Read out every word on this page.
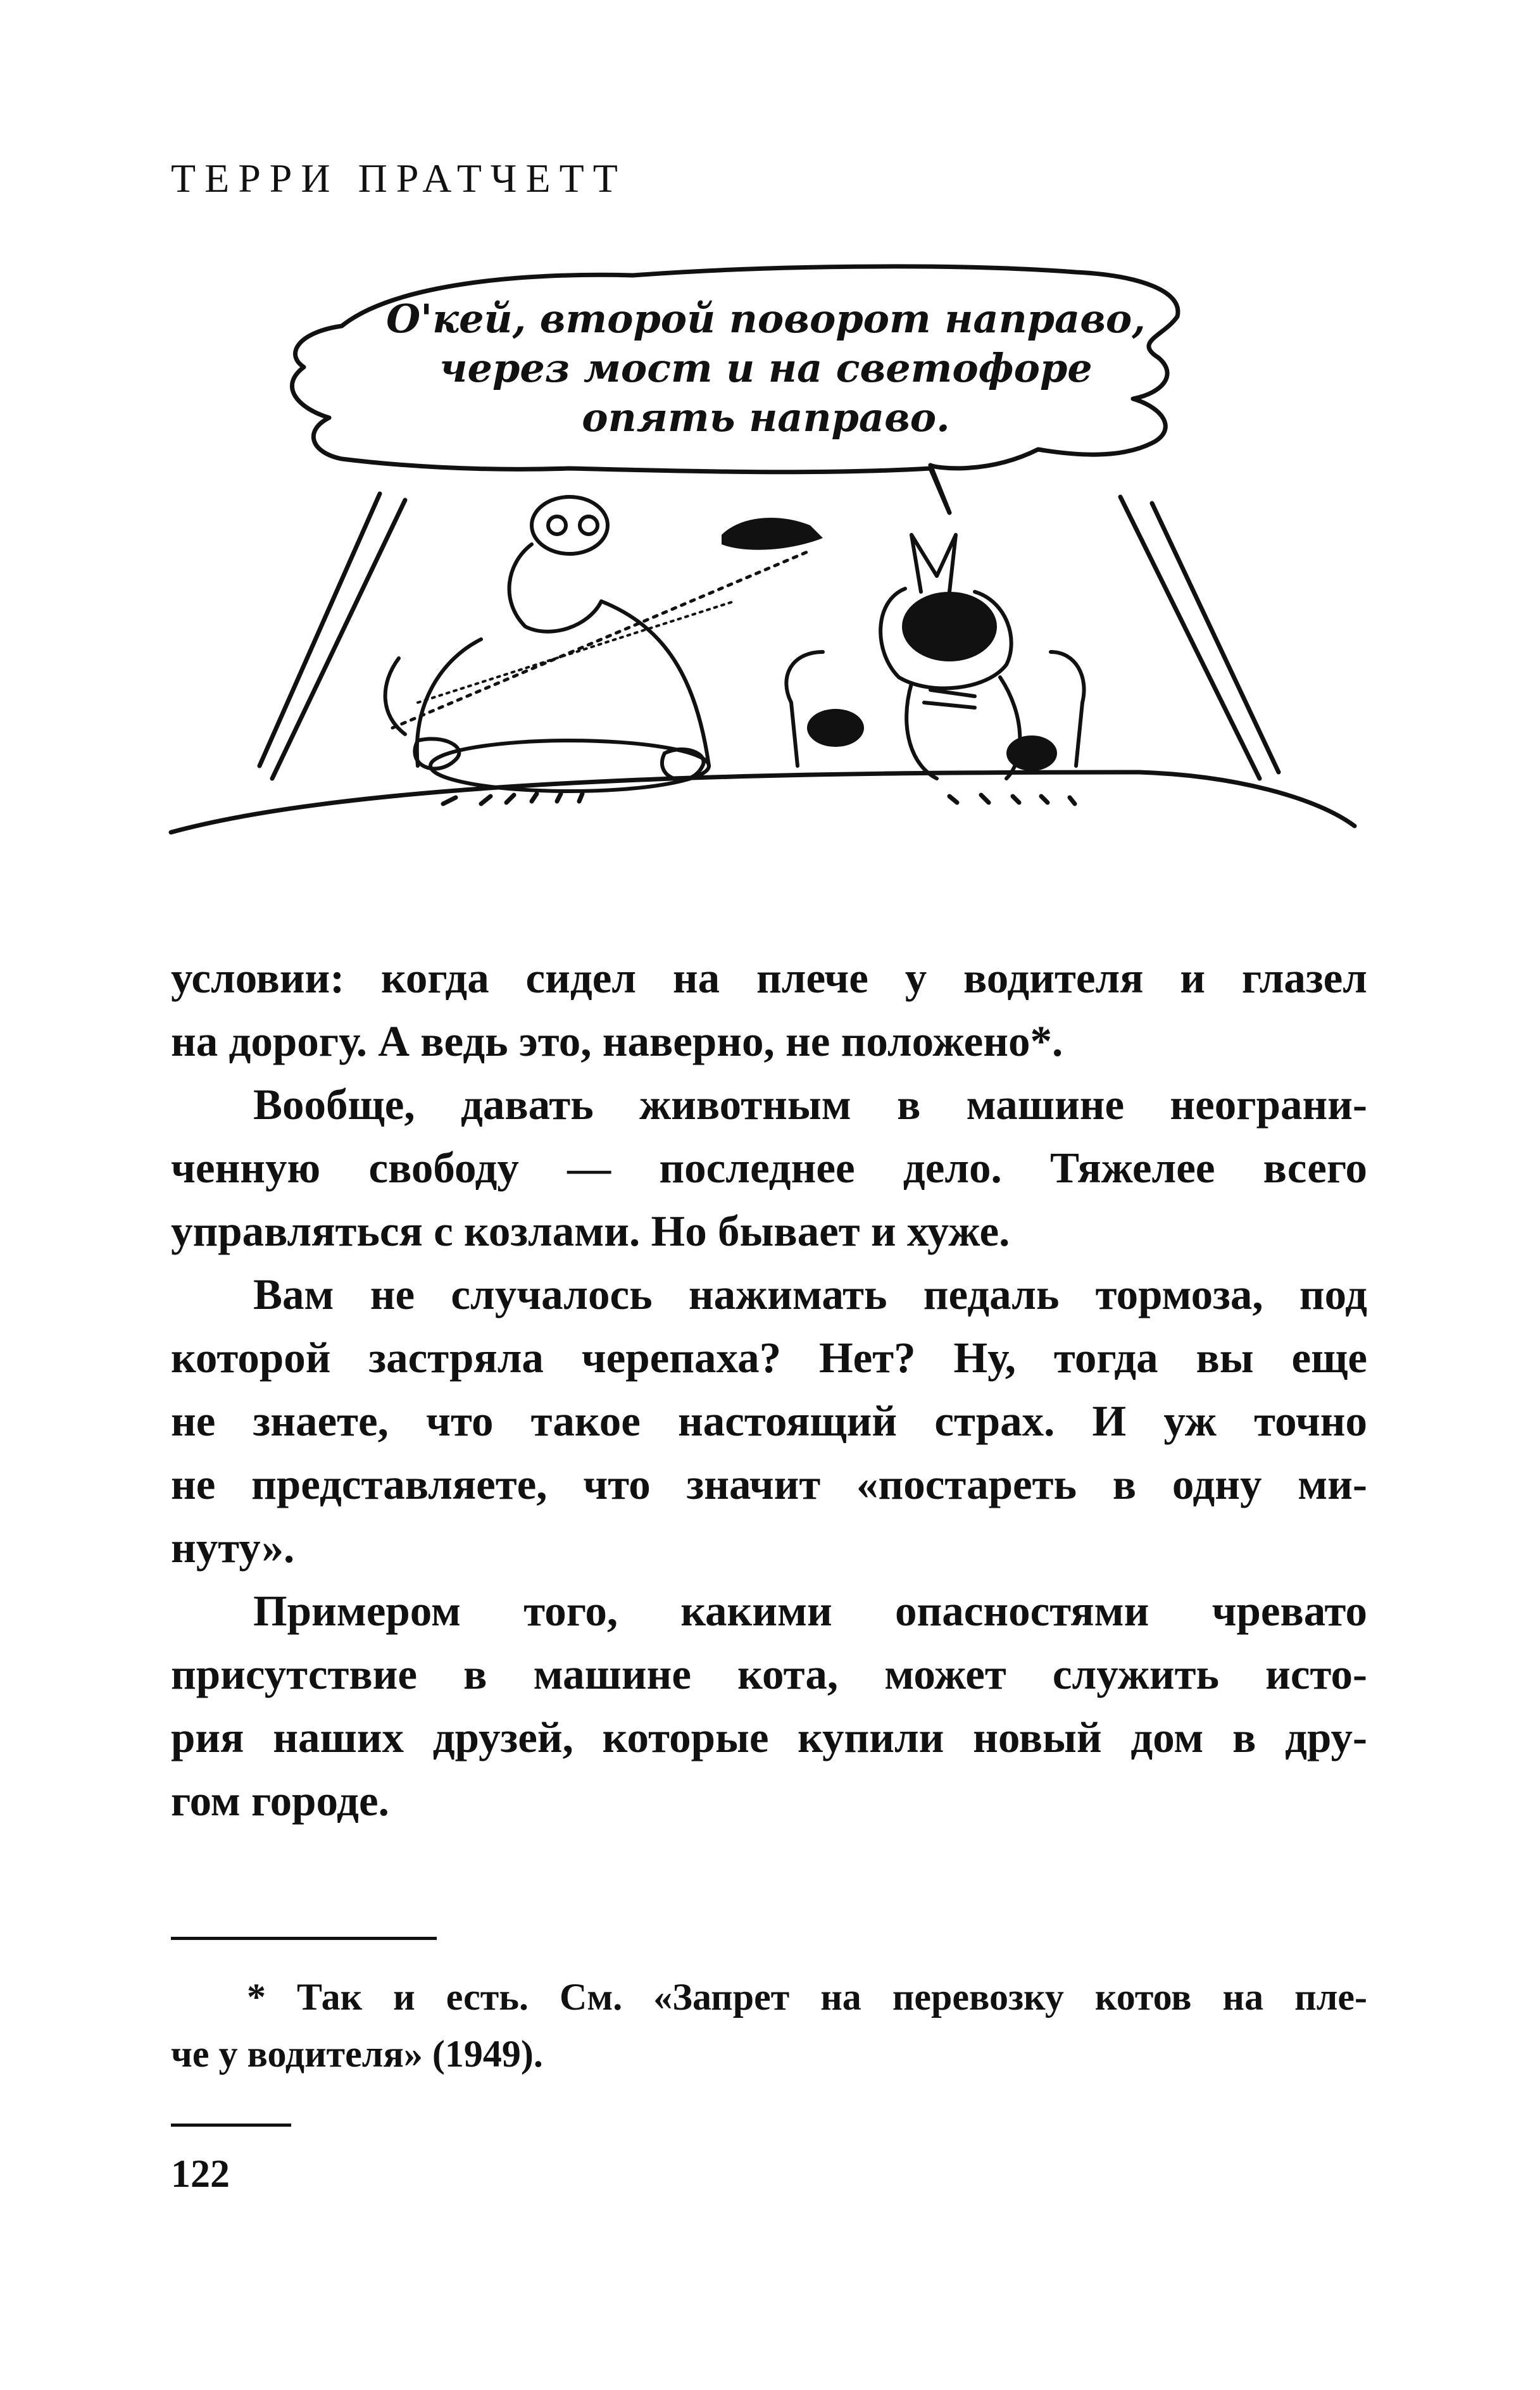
ТЕРРИ ПРАТЧЕТТ
О'кей, второй поворот направо,
через мост и на светофоре
опять направо.
условии: когда сидел на плече у водителя и глазел
на дорогу. А ведь это, наверно, не положено*.
Вообще, давать животным в машине неограни-
ченную свободу — последнее дело. Тяжелее всего
управляться с козлами. Но бывает и хуже.
Вам не случалось нажимать педаль тормоза, под
которой застряла черепаха? Нет? Ну, тогда вы еще
не знаете, что такое настоящий страх. И уж точно
не представляете, что значит «постареть в одну ми-
нуту».
Примером того, какими опасностями чревато
присутствие в машине кота, может служить исто-
рия наших друзей, которые купили новый дом в дру-
гом городе.
* Так и есть. См. «Запрет на перевозку котов на пле-
че у водителя» (1949).
122
